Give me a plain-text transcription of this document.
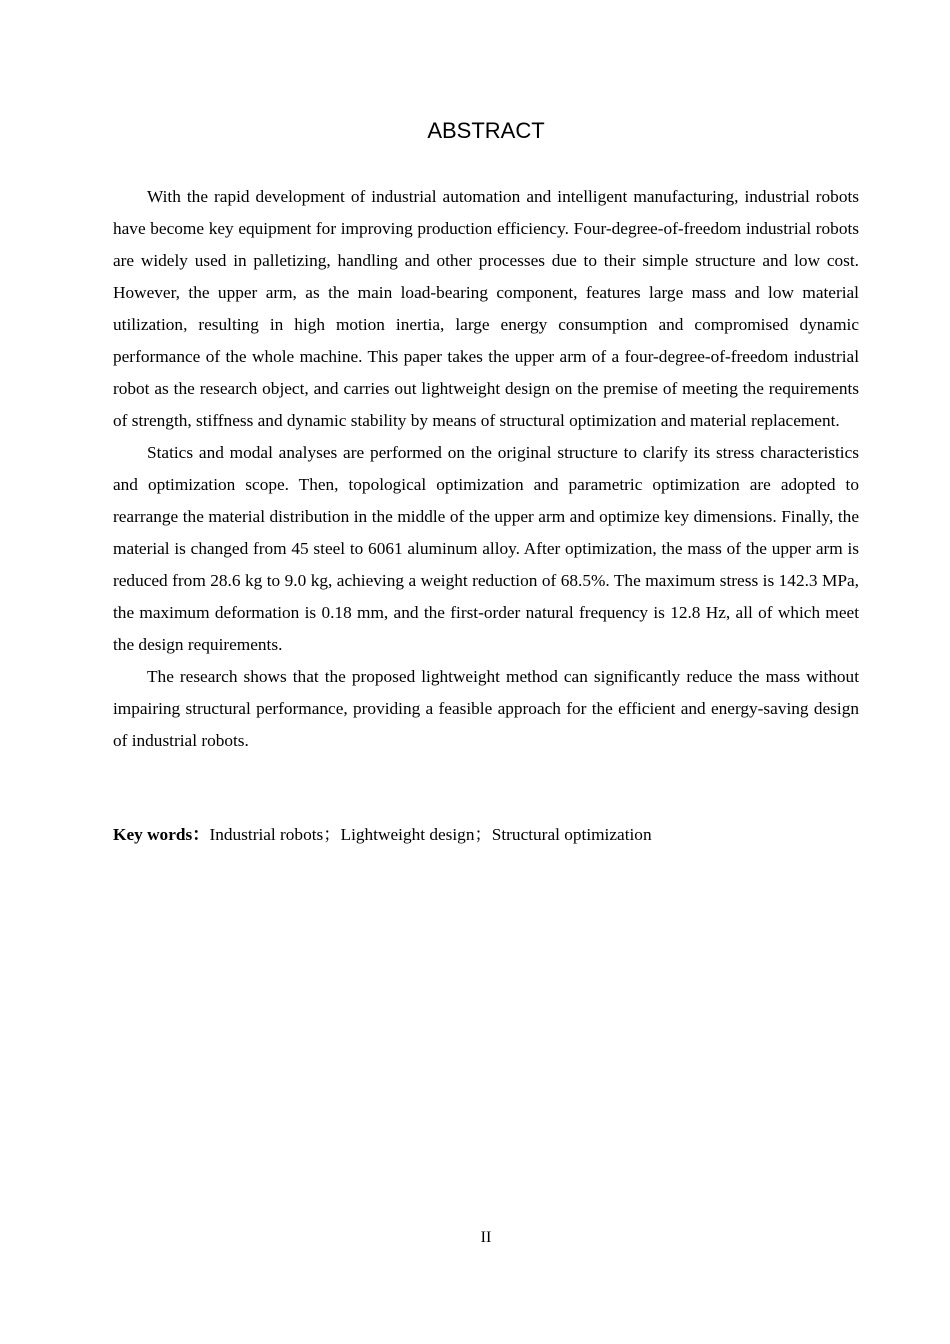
ABSTRACT

With the rapid development of industrial automation and intelligent manufacturing, industrial robots have become key equipment for improving production efficiency. Four-degree-of-freedom industrial robots are widely used in palletizing, handling and other processes due to their simple structure and low cost. However, the upper arm, as the main load-bearing component, features large mass and low material utilization, resulting in high motion inertia, large energy consumption and compromised dynamic performance of the whole machine. This paper takes the upper arm of a four-degree-of-freedom industrial robot as the research object, and carries out lightweight design on the premise of meeting the requirements of strength, stiffness and dynamic stability by means of structural optimization and material replacement.

Statics and modal analyses are performed on the original structure to clarify its stress characteristics and optimization scope. Then, topological optimization and parametric optimization are adopted to rearrange the material distribution in the middle of the upper arm and optimize key dimensions. Finally, the material is changed from 45 steel to 6061 aluminum alloy. After optimization, the mass of the upper arm is reduced from 28.6 kg to 9.0 kg, achieving a weight reduction of 68.5%. The maximum stress is 142.3 MPa, the maximum deformation is 0.18 mm, and the first-order natural frequency is 12.8 Hz, all of which meet the design requirements.

The research shows that the proposed lightweight method can significantly reduce the mass without impairing structural performance, providing a feasible approach for the efficient and energy-saving design of industrial robots.

Key words：Industrial robots；Lightweight design；Structural optimization

II
